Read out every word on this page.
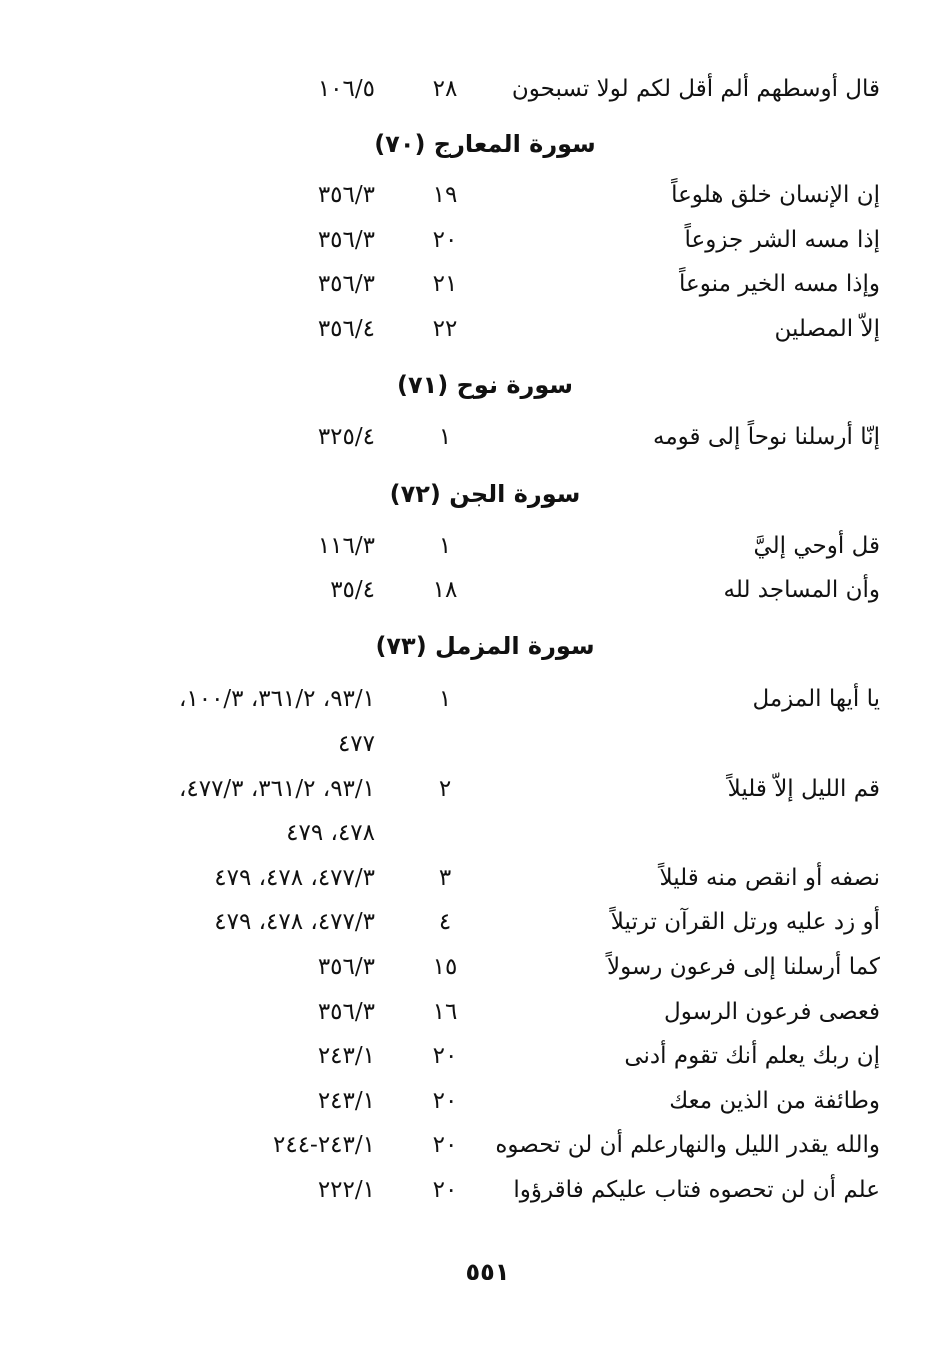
قال أوسطهم ألم أقل لكم لولا تسبحون
٢٨
١٠٦/٥
سورة المعارج (٧٠)
إن الإنسان خلق هلوعاً
١٩
٣٥٦/٣
إذا مسه الشر جزوعاً
٢٠
٣٥٦/٣
وإذا مسه الخير منوعاً
٢١
٣٥٦/٣
إلاّ المصلين
٢٢
٣٥٦/٤
سورة نوح (٧١)
إنّا أرسلنا نوحاً إلى قومه
١
٣٢٥/٤
سورة الجن (٧٢)
قل أوحي إليَّ
١
١١٦/٣
وأن المساجد لله
١٨
٣٥/٤
سورة المزمل (٧٣)
يا أيها المزمل
١
٩٣/١، ٣٦١/٢، ١٠٠/٣،
٤٧٧
قم الليل إلاّ قليلاً
٢
٩٣/١، ٣٦١/٢، ٤٧٧/٣،
٤٧٨، ٤٧٩
نصفه أو انقص منه قليلاً
٣
٤٧٧/٣، ٤٧٨، ٤٧٩
أو زد عليه ورتل القرآن ترتيلاً
٤
٤٧٧/٣، ٤٧٨، ٤٧٩
كما أرسلنا إلى فرعون رسولاً
١٥
٣٥٦/٣
فعصى فرعون الرسول
١٦
٣٥٦/٣
إن ربك يعلم أنك تقوم أدنى
٢٠
٢٤٣/١
وطائفة من الذين معك
٢٠
٢٤٣/١
والله يقدر الليل والنهارعلم أن لن تحصوه
٢٠
٢٤٣/١-٢٤٤
علم أن لن تحصوه فتاب عليكم فاقرؤوا
٢٠
٢٢٢/١
٥٥١
